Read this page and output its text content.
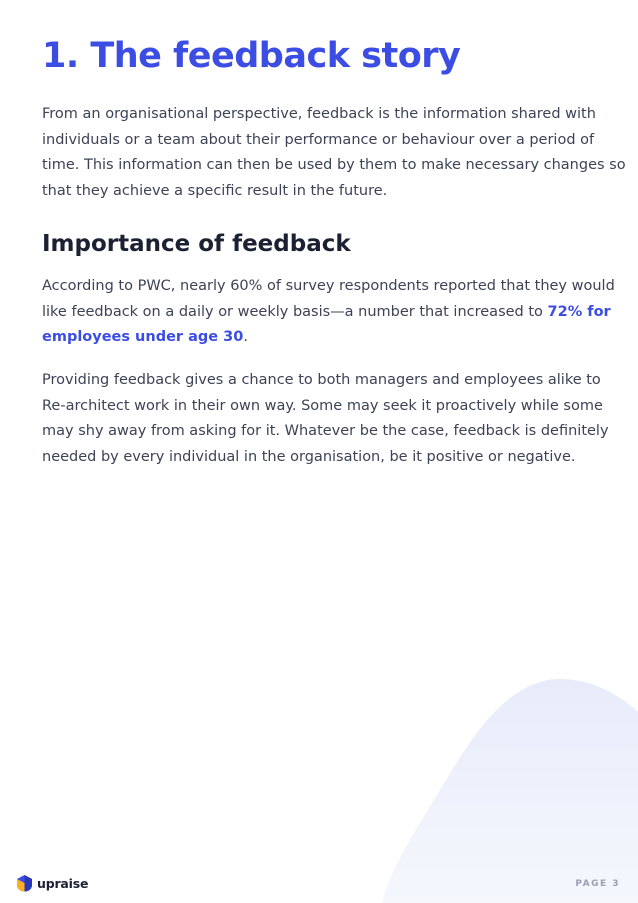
1. The feedback story
From an organisational perspective, feedback is the information shared with
individuals or a team about their performance or behaviour over a period of
time. This information can then be used by them to make necessary changes so
that they achieve a specific result in the future.
Importance of feedback
According to PWC, nearly 60% of survey respondents reported that they would
like feedback on a daily or weekly basis—a number that increased to 72% for
employees under age 30.
Providing feedback gives a chance to both managers and employees alike to
Re-architect work in their own way. Some may seek it proactively while some
may shy away from asking for it. Whatever be the case, feedback is definitely
needed by every individual in the organisation, be it positive or negative.
upraise	PAGE 3
